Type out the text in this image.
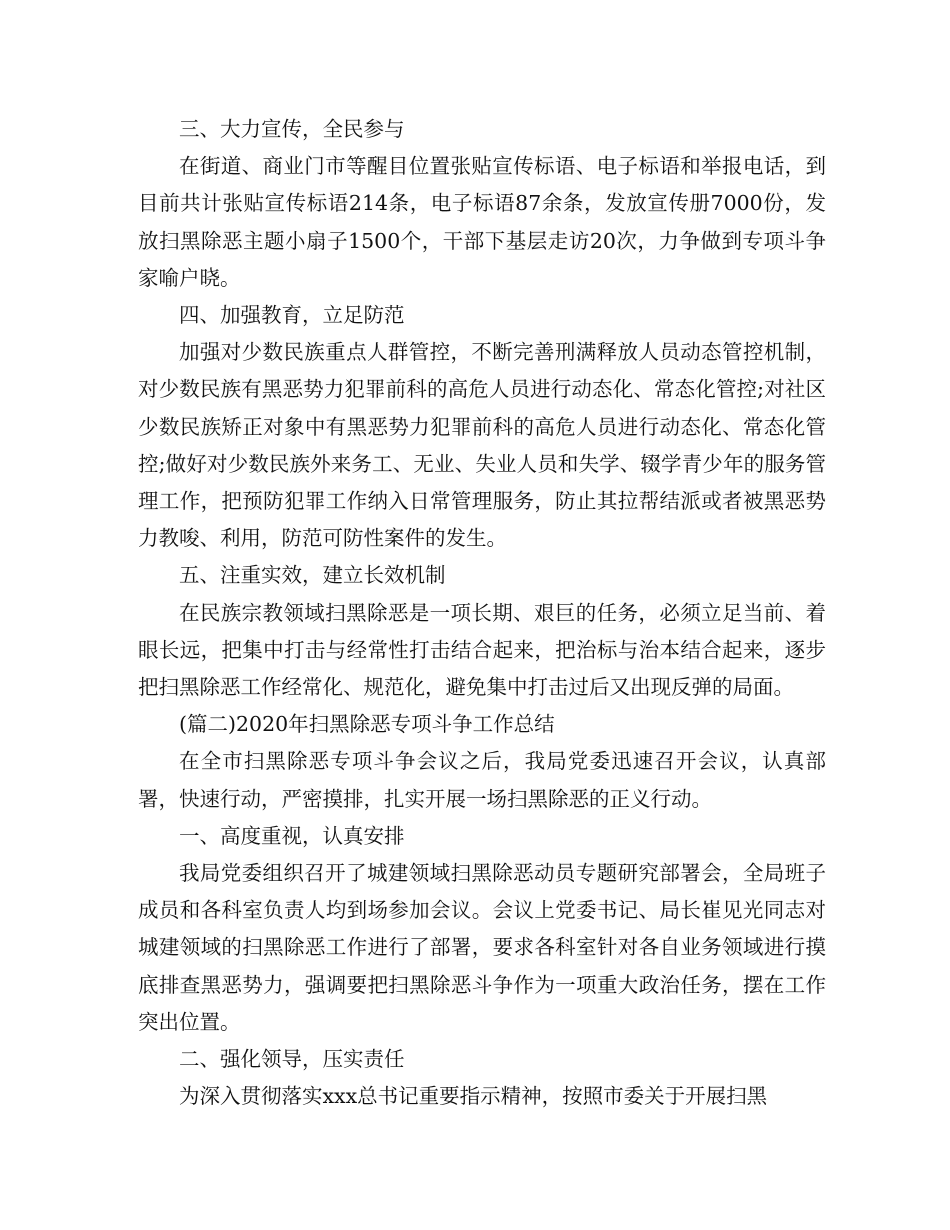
三、大力宣传，全民参与

在街道、商业门市等醒目位置张贴宣传标语、电子标语和举报电话，到目前共计张贴宣传标语214条，电子标语87余条，发放宣传册7000份，发放扫黑除恶主题小扇子1500个，干部下基层走访20次，力争做到专项斗争家喻户晓。

四、加强教育，立足防范

加强对少数民族重点人群管控，不断完善刑满释放人员动态管控机制，对少数民族有黑恶势力犯罪前科的高危人员进行动态化、常态化管控;对社区少数民族矫正对象中有黑恶势力犯罪前科的高危人员进行动态化、常态化管控;做好对少数民族外来务工、无业、失业人员和失学、辍学青少年的服务管理工作，把预防犯罪工作纳入日常管理服务，防止其拉帮结派或者被黑恶势力教唆、利用，防范可防性案件的发生。

五、注重实效，建立长效机制

在民族宗教领域扫黑除恶是一项长期、艰巨的任务，必须立足当前、着眼长远，把集中打击与经常性打击结合起来，把治标与治本结合起来，逐步把扫黑除恶工作经常化、规范化，避免集中打击过后又出现反弹的局面。

(篇二)2020年扫黑除恶专项斗争工作总结

在全市扫黑除恶专项斗争会议之后，我局党委迅速召开会议，认真部署，快速行动，严密摸排，扎实开展一场扫黑除恶的正义行动。

一、高度重视，认真安排

我局党委组织召开了城建领域扫黑除恶动员专题研究部署会，全局班子成员和各科室负责人均到场参加会议。会议上党委书记、局长崔见光同志对城建领域的扫黑除恶工作进行了部署，要求各科室针对各自业务领域进行摸底排查黑恶势力，强调要把扫黑除恶斗争作为一项重大政治任务，摆在工作突出位置。

二、强化领导，压实责任

为深入贯彻落实xxx总书记重要指示精神，按照市委关于开展扫黑
